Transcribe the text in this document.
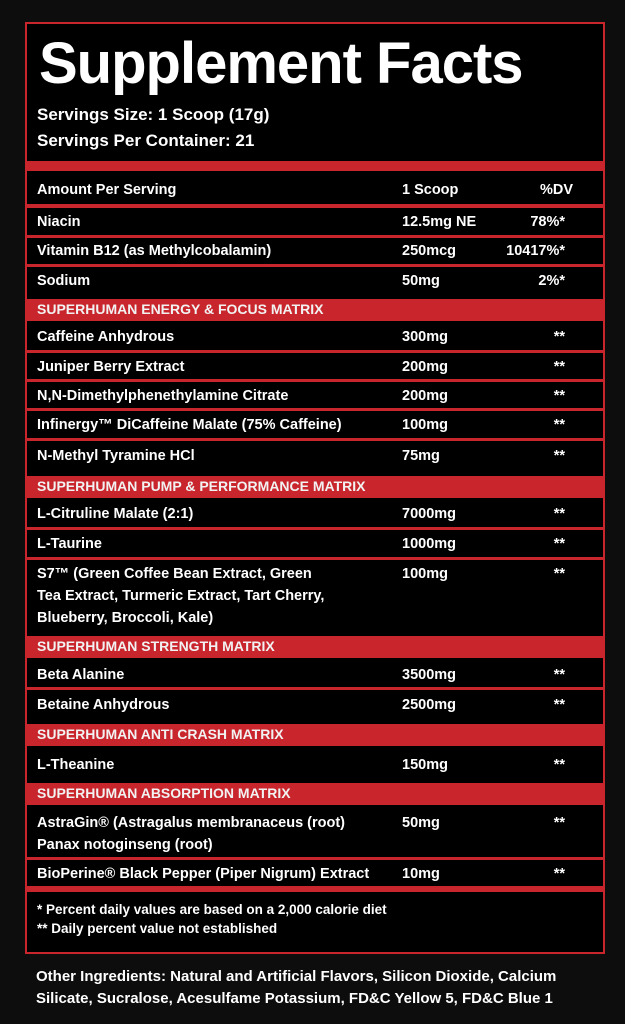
Supplement Facts
Servings Size: 1 Scoop (17g)
Servings Per Container: 21
Amount Per Serving	1 Scoop	%DV
Niacin	12.5mg NE	78%*
Vitamin B12 (as Methylcobalamin)	250mcg	10417%*
Sodium	50mg	2%*
SUPERHUMAN ENERGY & FOCUS MATRIX
Caffeine Anhydrous	300mg	**
Juniper Berry Extract	200mg	**
N,N-Dimethylphenethylamine Citrate	200mg	**
Infinergy™ DiCaffeine Malate (75% Caffeine)	100mg	**
N-Methyl Tyramine HCl	75mg	**
SUPERHUMAN PUMP & PERFORMANCE MATRIX
L-Citruline Malate (2:1)	7000mg	**
L-Taurine	1000mg	**
S7™ (Green Coffee Bean Extract, Green
Tea Extract, Turmeric Extract, Tart Cherry,
Blueberry, Broccoli, Kale)
100mg	**
SUPERHUMAN STRENGTH MATRIX
Beta Alanine	3500mg	**
Betaine Anhydrous	2500mg	**
SUPERHUMAN ANTI CRASH MATRIX
L-Theanine	150mg	**
SUPERHUMAN ABSORPTION MATRIX
AstraGin® (Astragalus membranaceus (root)
Panax notoginseng (root)
50mg	**
BioPerine® Black Pepper (Piper Nigrum) Extract 10mg	**
* Percent daily values are based on a 2,000 calorie diet
** Daily percent value not established
Other Ingredients: Natural and Artificial Flavors, Silicon Dioxide, Calcium Silicate, Sucralose, Acesulfame Potassium, FD&C Yellow 5, FD&C Blue 1
